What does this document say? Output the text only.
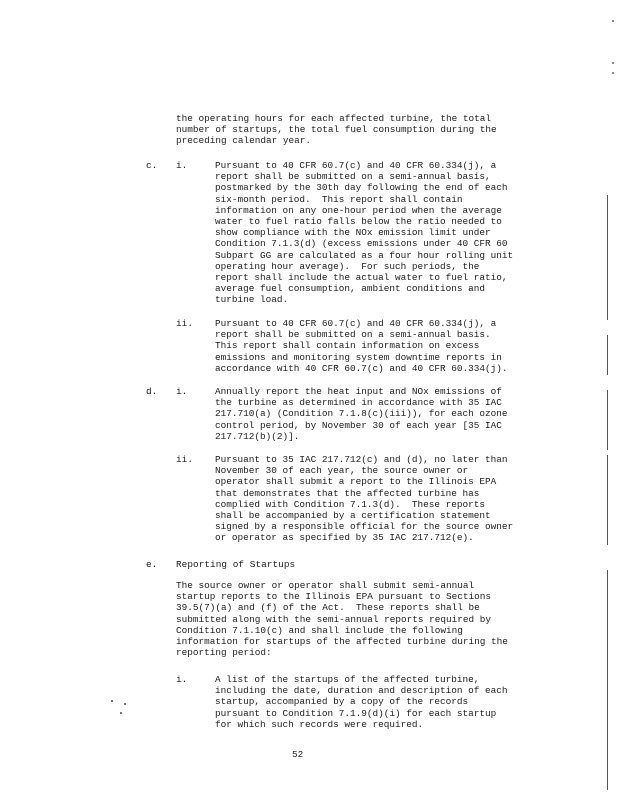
the operating hours for each affected turbine, the total
number of startups, the total fuel consumption during the
preceding calendar year.
c. i.	Pursuant to 40 CFR 60.7(c) and 40 CFR 60.334(j), a
report shall be submitted on a semi-annual basis,
postmarked by the 30th day following the end of each
six-month period.  This report shall contain
information on any one-hour period when the average
water to fuel ratio falls below the ratio needed to
show compliance with the NOx emission limit under
Condition 7.1.3(d) (excess emissions under 40 CFR 60
Subpart GG are calculated as a four hour rolling unit
operating hour average).  For such periods, the
report shall include the actual water to fuel ratio,
average fuel consumption, ambient conditions and
turbine load.
ii. Pursuant to 40 CFR 60.7(c) and 40 CFR 60.334(j), a
report shall be submitted on a semi-annual basis.
This report shall contain information on excess
emissions and monitoring system downtime reports in
accordance with 40 CFR 60.7(c) and 40 CFR 60.334(j).
d. i.	Annually report the heat input and NOx emissions of
the turbine as determined in accordance with 35 IAC
217.710(a) (Condition 7.1.8(c)(iii)), for each ozone
control period, by November 30 of each year [35 IAC
217.712(b)(2)].
ii. Pursuant to 35 IAC 217.712(c) and (d), no later than
November 30 of each year, the source owner or
operator shall submit a report to the Illinois EPA
that demonstrates that the affected turbine has
complied with Condition 7.1.3(d).  These reports
shall be accompanied by a certification statement
signed by a responsible official for the source owner
or operator as specified by 35 IAC 217.712(e).
e. Reporting of Startups
The source owner or operator shall submit semi-annual
startup reports to the Illinois EPA pursuant to Sections
39.5(7)(a) and (f) of the Act.  These reports shall be
submitted along with the semi-annual reports required by
Condition 7.1.10(c) and shall include the following
information for startups of the affected turbine during the
reporting period:
i.	A list of the startups of the affected turbine,
including the date, duration and description of each
startup, accompanied by a copy of the records
pursuant to Condition 7.1.9(d)(i) for each startup
for which such records were required.
52
